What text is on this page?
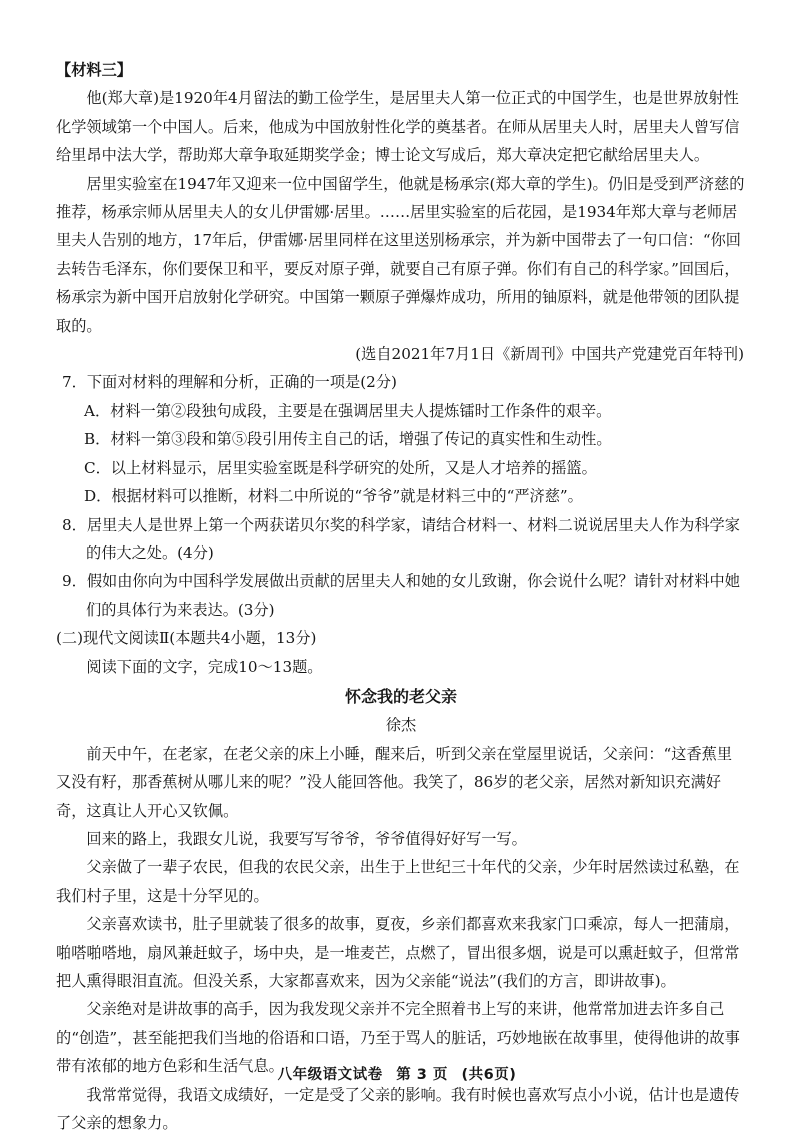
【材料三】

他(郑大章)是1920年4月留法的勤工俭学生，是居里夫人第一位正式的中国学生，也是世界放射性化学领域第一个中国人。后来，他成为中国放射性化学的奠基者。在师从居里夫人时，居里夫人曾写信给里昂中法大学，帮助郑大章争取延期奖学金；博士论文写成后，郑大章决定把它献给居里夫人。

居里实验室在1947年又迎来一位中国留学生，他就是杨承宗(郑大章的学生)。仍旧是受到严济慈的推荐，杨承宗师从居里夫人的女儿伊雷娜·居里。……居里实验室的后花园，是1934年郑大章与老师居里夫人告别的地方，17年后，伊雷娜·居里同样在这里送别杨承宗，并为新中国带去了一句口信：“你回去转告毛泽东，你们要保卫和平，要反对原子弹，就要自己有原子弹。你们有自己的科学家。”回国后，杨承宗为新中国开启放射化学研究。中国第一颗原子弹爆炸成功，所用的铀原料，就是他带领的团队提取的。

(选自2021年7月1日《新周刊》中国共产党建党百年特刊)

7．下面对材料的理解和分析，正确的一项是(2分)

A．材料一第②段独句成段，主要是在强调居里夫人提炼镭时工作条件的艰辛。

B．材料一第③段和第⑤段引用传主自己的话，增强了传记的真实性和生动性。

C．以上材料显示，居里实验室既是科学研究的处所，又是人才培养的摇篮。

D．根据材料可以推断，材料二中所说的“爷爷”就是材料三中的“严济慈”。

8．居里夫人是世界上第一个两获诺贝尔奖的科学家，请结合材料一、材料二说说居里夫人作为科学家的伟大之处。(4分)

9．假如由你向为中国科学发展做出贡献的居里夫人和她的女儿致谢，你会说什么呢？请针对材料中她们的具体行为来表达。(3分)

(二)现代文阅读Ⅱ(本题共4小题，13分)

阅读下面的文字，完成10～13题。

怀念我的老父亲

徐杰

前天中午，在老家，在老父亲的床上小睡，醒来后，听到父亲在堂屋里说话，父亲问：“这香蕉里又没有籽，那香蕉树从哪儿来的呢？”没人能回答他。我笑了，86岁的老父亲，居然对新知识充满好奇，这真让人开心又钦佩。

回来的路上，我跟女儿说，我要写写爷爷，爷爷值得好好写一写。

父亲做了一辈子农民，但我的农民父亲，出生于上世纪三十年代的父亲，少年时居然读过私塾，在我们村子里，这是十分罕见的。

父亲喜欢读书，肚子里就装了很多的故事，夏夜，乡亲们都喜欢来我家门口乘凉，每人一把蒲扇，啪嗒啪嗒地，扇风兼赶蚊子，场中央，是一堆麦芒，点燃了，冒出很多烟，说是可以熏赶蚊子，但常常把人熏得眼泪直流。但没关系，大家都喜欢来，因为父亲能“说法”(我们的方言，即讲故事)。

父亲绝对是讲故事的高手，因为我发现父亲并不完全照着书上写的来讲，他常常加进去许多自己的“创造”，甚至能把我们当地的俗语和口语，乃至于骂人的脏话，巧妙地嵌在故事里，使得他讲的故事带有浓郁的地方色彩和生活气息。

我常常觉得，我语文成绩好，一定是受了父亲的影响。我有时候也喜欢写点小小说，估计也是遗传了父亲的想象力。

八年级语文试卷 第 3 页 (共6页)
